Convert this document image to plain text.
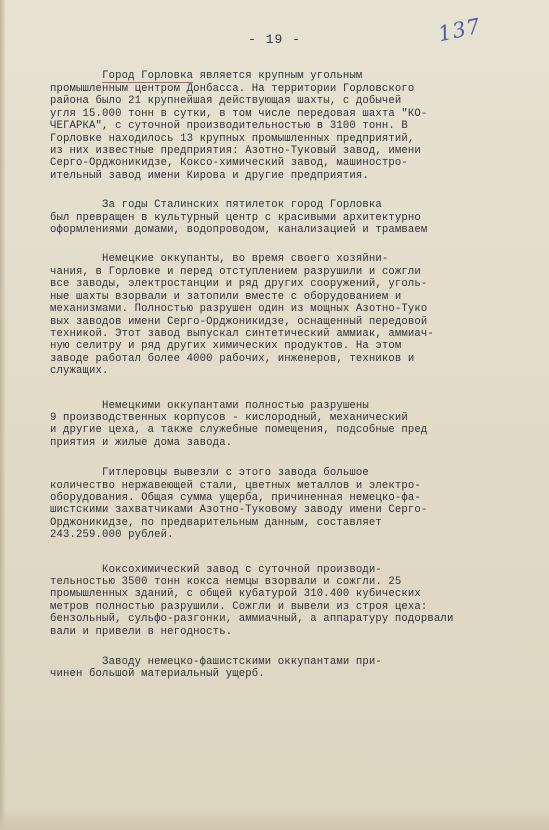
- 19 -	137

Город Горловка является крупным угольным
промышленным центром Донбасса. На территории Горловского
района было 21 крупнейшая действующая шахты, с добычей
угля 15.000 тонн в сутки, в том числе передовая шахта "КО-
ЧЕГАРКА", с суточной производительностью в 3100 тонн. В
Горловке находилось 13 крупных промышленных предприятий,
из них известные предприятия: Азотно-Туковый завод, имени
Серго-Орджоникидзе, Коксо-химический завод, машиностро-
ительный завод имени Кирова и другие предприятия.

За годы Сталинских пятилеток город Горловка
был превращен в культурный центр с красивыми архитектурно
оформлениями домами, водопроводом, канализацией и трамваем

Немецкие оккупанты, во время своего хозяйни-
чания, в Горловке и перед отступлением разрушили и сожгли
все заводы, электростанции и ряд других сооружений, уголь-
ные шахты взорвали и затопили вместе с оборудованием и
механизмами. Полностью разрушен один из мощных Азотно-Туко
вых заводов имени Серго-Орджоникидзе, оснащенный передовой
техникой. Этот завод выпускал синтетический аммиак, аммиач-
ную селитру и ряд других химических продуктов. На этом
заводе работал более 4000 рабочих, инженеров, техников и
служащих.

Немецкими оккупантами полностью разрушены
9 производственных корпусов - кислородный, механический
и другие цеха, а также служебные помещения, подсобные пред
приятия и жилые дома завода.

Гитлеровцы вывезли с этого завода большое
количество нержавеющей стали, цветных металлов и электро-
оборудования. Общая сумма ущерба, причиненная немецко-фа-
шистскими захватчиками Азотно-Туковому заводу имени Серго-
Орджоникидзе, по предварительным данным, составляет
243.259.000 рублей.

Коксохимический завод с суточной производи-
тельностью 3500 тонн кокса немцы взорвали и сожгли. 25
промышленных зданий, с общей кубатурой 310.400 кубических
метров полностью разрушили. Сожгли и вывели из строя цеха:
бензольный, сульфо-разгонки, аммиачный, а аппаратуру подорвали
вали и привели в негодность.

Заводу немецко-фашистскими оккупантами при-
чинен большой материальный ущерб.
